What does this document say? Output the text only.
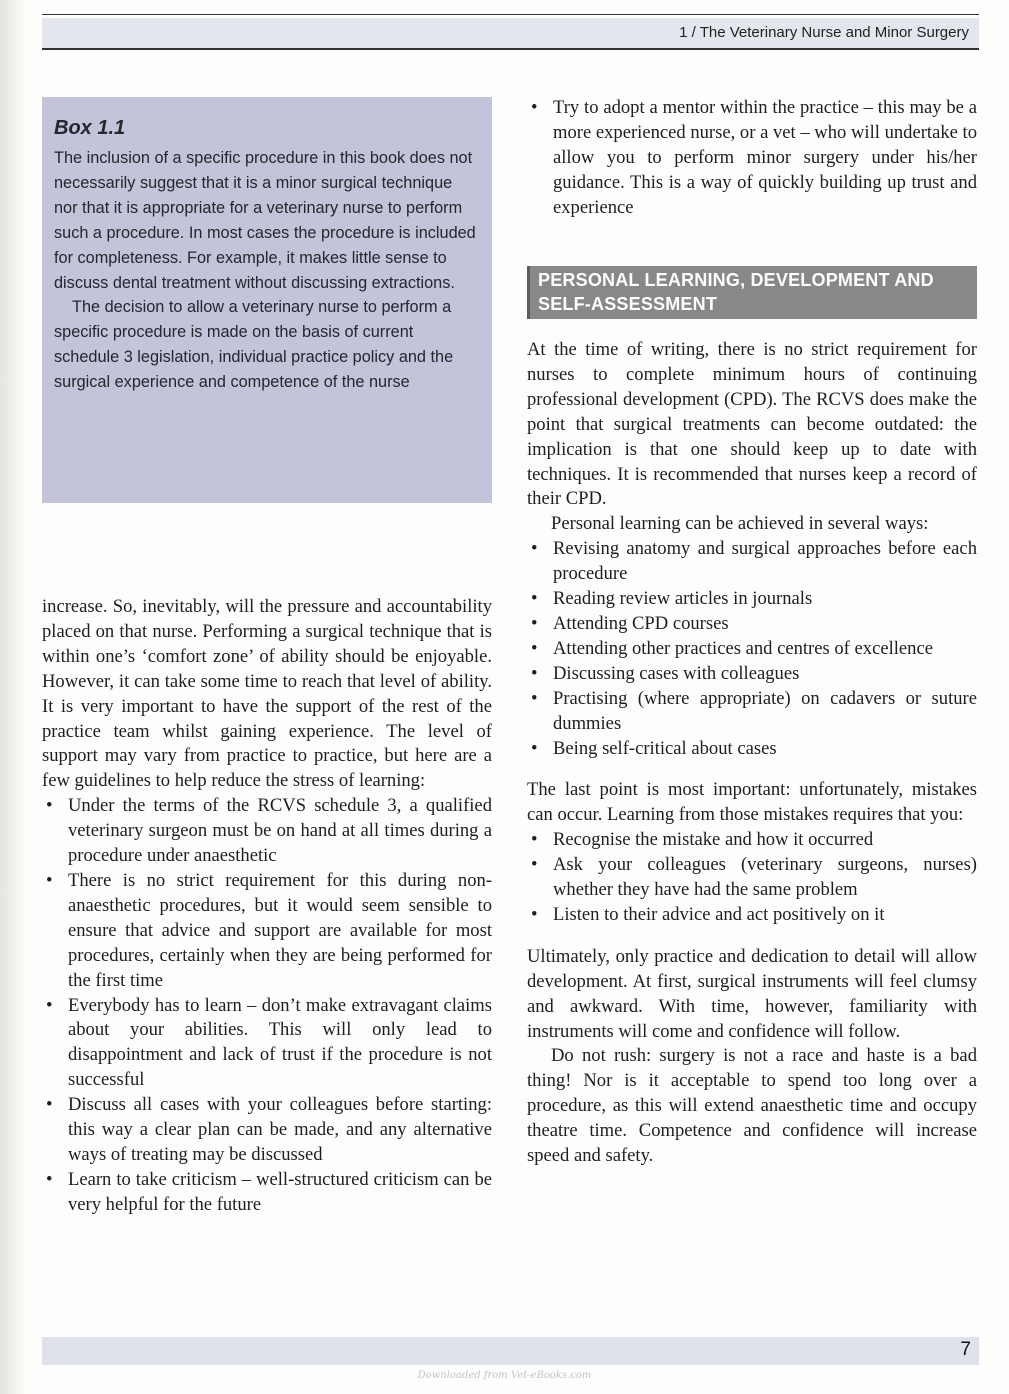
1 / The Veterinary Nurse and Minor Surgery
Box 1.1

The inclusion of a specific procedure in this book does not necessarily suggest that it is a minor surgical technique nor that it is appropriate for a veterinary nurse to perform such a procedure. In most cases the procedure is included for completeness. For example, it makes little sense to discuss dental treatment without discussing extractions.

The decision to allow a veterinary nurse to perform a specific procedure is made on the basis of current schedule 3 legislation, individual practice policy and the surgical experience and competence of the nurse

increase. So, inevitably, will the pressure and accountability placed on that nurse. Performing a surgical technique that is within one’s ‘comfort zone’ of ability should be enjoyable. However, it can take some time to reach that level of ability. It is very important to have the support of the rest of the practice team whilst gaining experience. The level of support may vary from practice to practice, but here are a few guidelines to help reduce the stress of learning:

• Under the terms of the RCVS schedule 3, a qualified veterinary surgeon must be on hand at all times during a procedure under anaesthetic
• There is no strict requirement for this during non-anaesthetic procedures, but it would seem sensible to ensure that advice and support are available for most procedures, certainly when they are being performed for the first time
• Everybody has to learn – don’t make extravagant claims about your abilities. This will only lead to disappointment and lack of trust if the procedure is not successful
• Discuss all cases with your colleagues before starting: this way a clear plan can be made, and any alternative ways of treating may be discussed
• Learn to take criticism – well-structured criticism can be very helpful for the future
• Try to adopt a mentor within the practice – this may be a more experienced nurse, or a vet – who will undertake to allow you to perform minor surgery under his/her guidance. This is a way of quickly building up trust and experience
PERSONAL LEARNING, DEVELOPMENT AND
SELF-ASSESSMENT

At the time of writing, there is no strict requirement for nurses to complete minimum hours of continuing professional development (CPD). The RCVS does make the point that surgical treatments can become outdated: the implication is that one should keep up to date with techniques. It is recommended that nurses keep a record of their CPD.

Personal learning can be achieved in several ways:

• Revising anatomy and surgical approaches before each procedure
• Reading review articles in journals
• Attending CPD courses
• Attending other practices and centres of excellence
• Discussing cases with colleagues
• Practising (where appropriate) on cadavers or suture dummies
• Being self-critical about cases

The last point is most important: unfortunately, mistakes can occur. Learning from those mistakes requires that you:

• Recognise the mistake and how it occurred
• Ask your colleagues (veterinary surgeons, nurses) whether they have had the same problem
• Listen to their advice and act positively on it

Ultimately, only practice and dedication to detail will allow development. At first, surgical instruments will feel clumsy and awkward. With time, however, familiarity with instruments will come and confidence will follow.

Do not rush: surgery is not a race and haste is a bad thing! Nor is it acceptable to spend too long over a procedure, as this will extend anaesthetic time and occupy theatre time. Competence and confidence will increase speed and safety.

7
Downloaded from Vet-eBooks.com
